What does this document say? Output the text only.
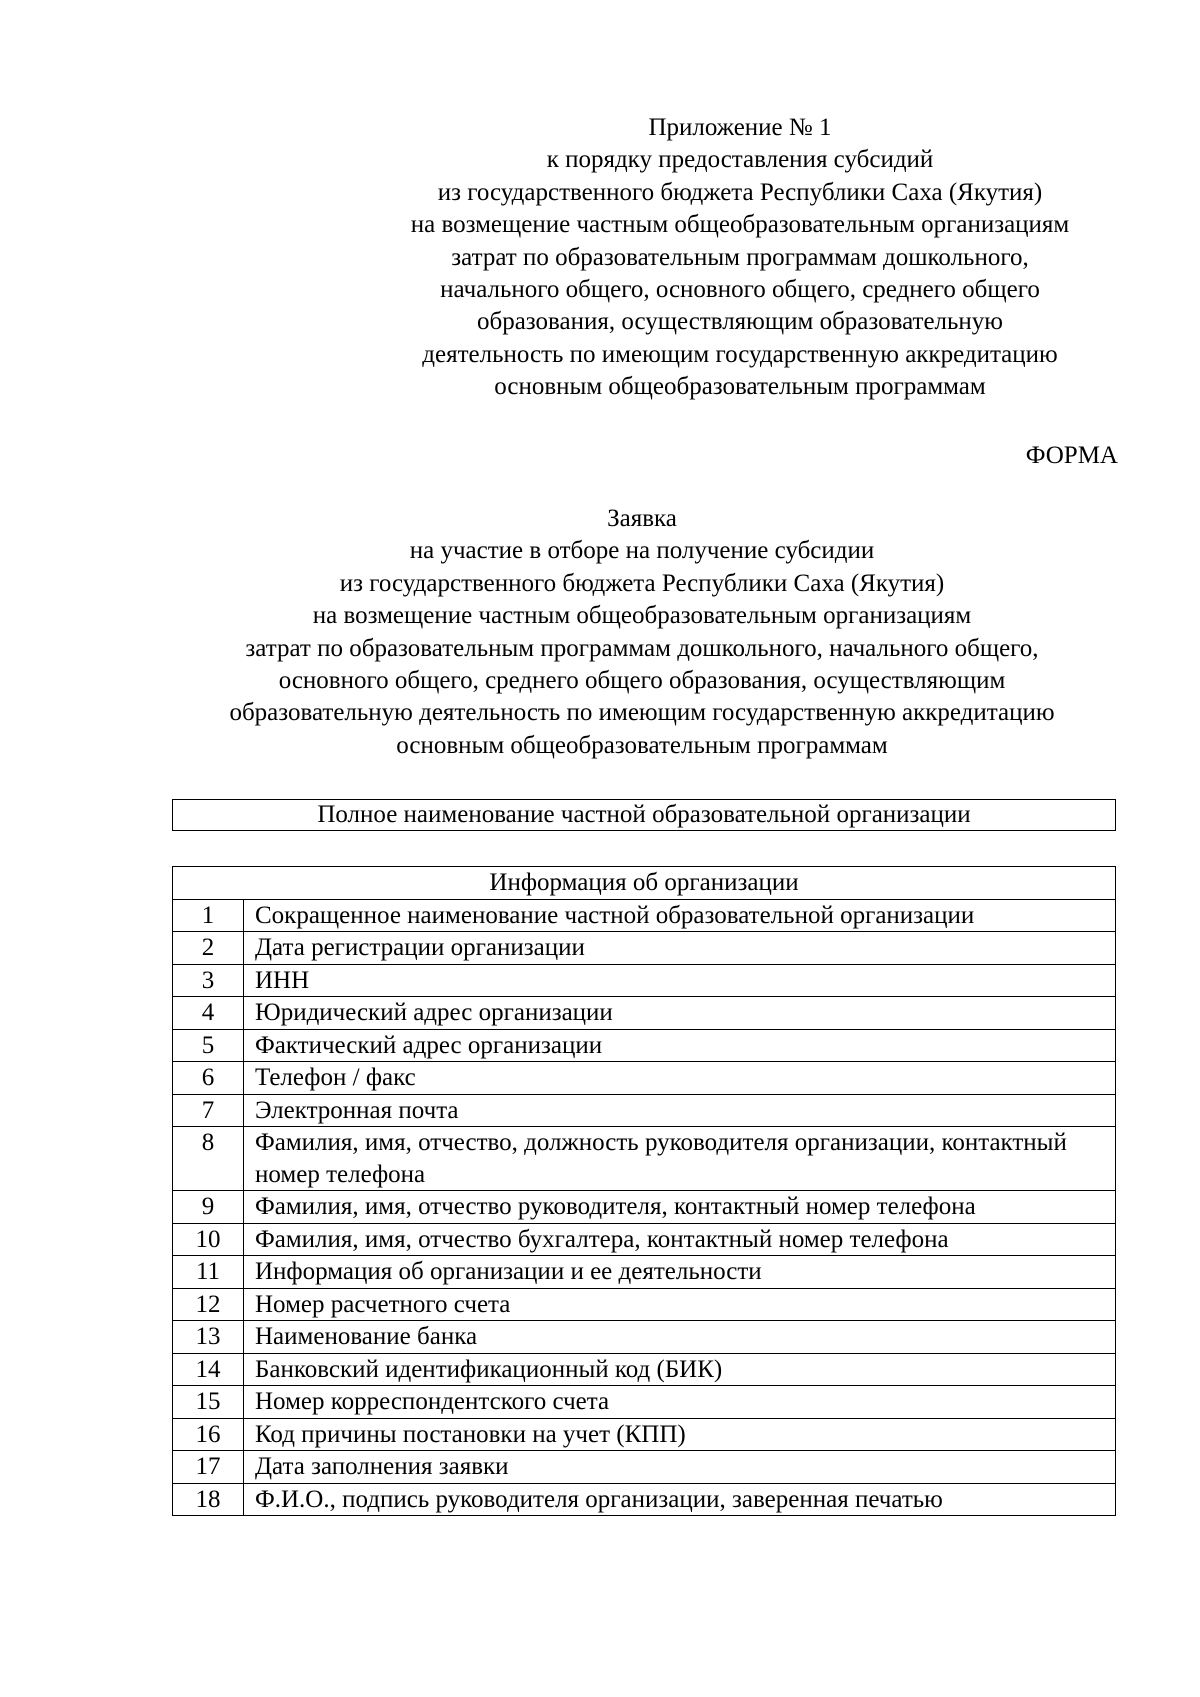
Приложение № 1
к порядку предоставления субсидий
из государственного бюджета Республики Саха (Якутия)
на возмещение частным общеобразовательным организациям
затрат по образовательным программам дошкольного,
начального общего, основного общего, среднего общего
образования, осуществляющим образовательную
деятельность по имеющим государственную аккредитацию
основным общеобразовательным программам
ФОРМА
Заявка
на участие в отборе на получение субсидии
из государственного бюджета Республики Саха (Якутия)
на возмещение частным общеобразовательным организациям
затрат по образовательным программам дошкольного, начального общего,
основного общего, среднего общего образования, осуществляющим
образовательную деятельность по имеющим государственную аккредитацию
основным общеобразовательным программам
Полное наименование частной образовательной организации
Информация об организации	
1	Сокращенное наименование частной образовательной организации
2	Дата регистрации организации
3	ИНН
4	Юридический адрес организации
5	Фактический адрес организации
6	Телефон / факс
7	Электронная почта
8	Фамилия, имя, отчество, должность руководителя организации, контактный номер телефона
9	Фамилия, имя, отчество руководителя, контактный номер телефона
10	Фамилия, имя, отчество бухгалтера, контактный номер телефона
11	Информация об организации и ее деятельности
12	Номер расчетного счета
13	Наименование банка
14	Банковский идентификационный код (БИК)
15	Номер корреспондентского счета
16	Код причины постановки на учет (КПП)
17	Дата заполнения заявки
18	Ф.И.О., подпись руководителя организации, заверенная печатью
